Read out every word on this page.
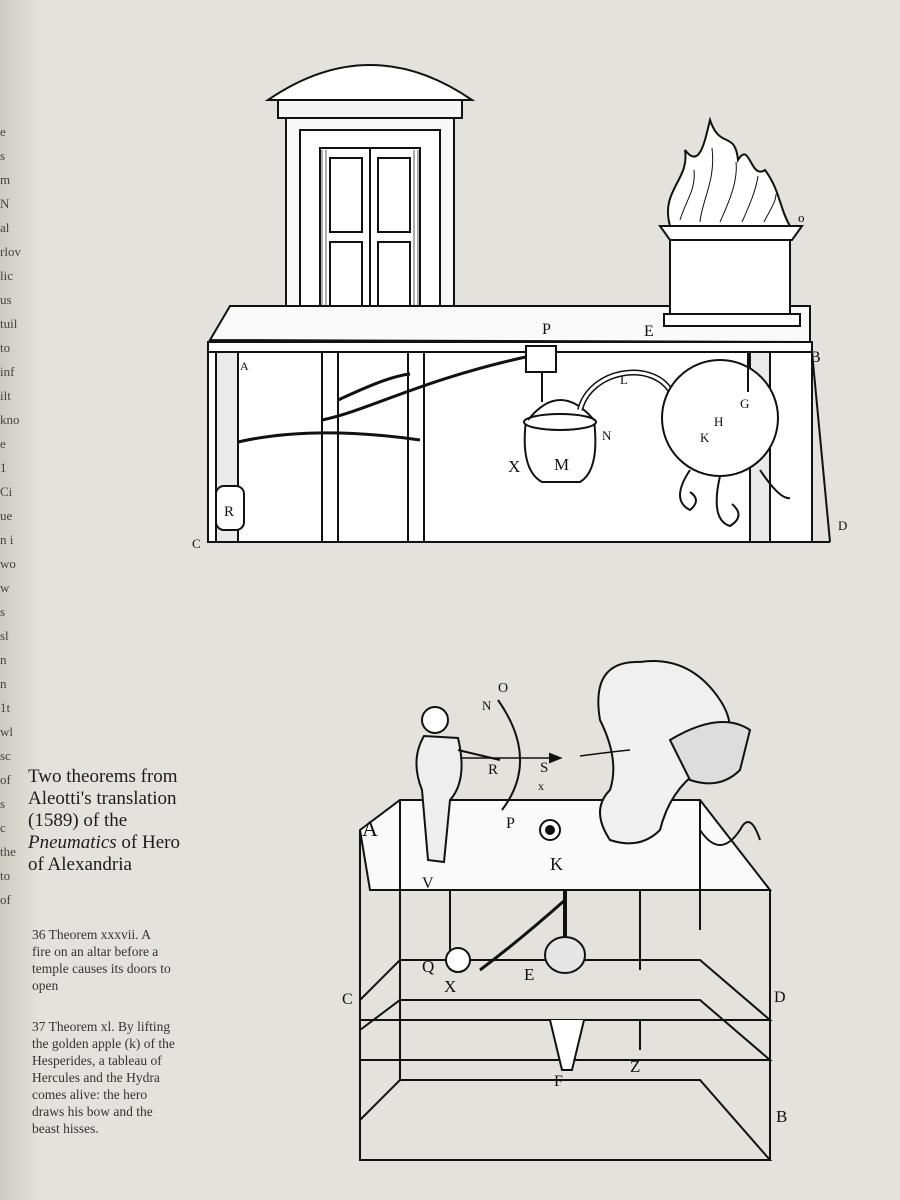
e
s
m
N
al
rlov
lic
us
tuil
to
inf
ilt
kno
e
1
Ci
ue
n i
wo
w
s
sl
n
n
1t
wl
sc
of
s
c
the
to
of
P	E
B
A
L
H
G
K
N
X M
R
C
D
o
A
O
N
R	S
x
P
K
V
Q
X
E
C	D
F
Z
B
Two theorems from
Aleotti's translation
(1589) of the
Pneumatics of Hero
of Alexandria
36 Theorem xxxvii. A
fire on an altar before a
temple causes its doors to
open
37 Theorem xl. By lifting
the golden apple (k) of the
Hesperides, a tableau of
Hercules and the Hydra
comes alive: the hero
draws his bow and the
beast hisses.
